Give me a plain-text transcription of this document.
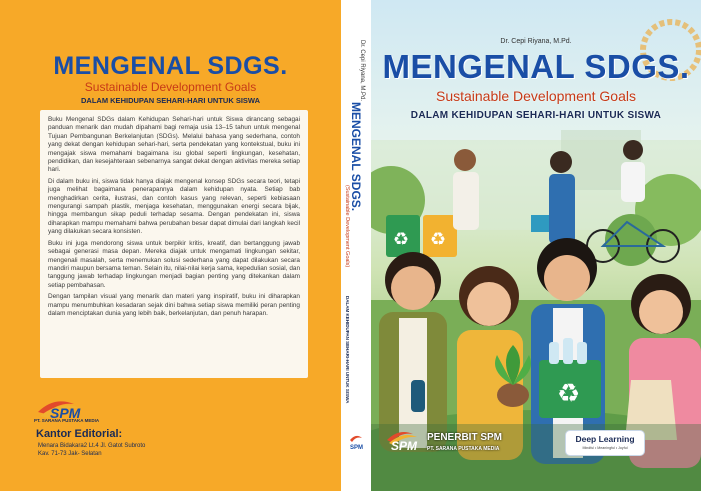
MENGENAL SDGS.
Sustainable Development Goals
DALAM KEHIDUPAN SEHARI-HARI UNTUK SISWA

Buku Mengenal SDGs dalam Kehidupan Sehari-hari untuk Siswa dirancang sebagai panduan menarik dan mudah dipahami bagi remaja usia 13–15 tahun untuk mengenal Tujuan Pembangunan Berkelanjutan (SDGs). Melalui bahasa yang sederhana, contoh yang dekat dengan kehidupan sehari-hari, serta pendekatan yang kontekstual, buku ini mengajak siswa memahami bagaimana isu global seperti lingkungan, kesehatan, pendidikan, dan kesejahteraan sebenarnya sangat dekat dengan aktivitas mereka setiap hari.

Di dalam buku ini, siswa tidak hanya diajak mengenal konsep SDGs secara teori, tetapi juga melihat bagaimana penerapannya dalam kehidupan nyata. Setiap bab menghadirkan cerita, ilustrasi, dan contoh kasus yang relevan, seperti kebiasaan mengurangi sampah plastik, menjaga kesehatan, menggunakan energi secara bijak, hingga membangun sikap peduli terhadap sesama. Dengan pendekatan ini, siswa diharapkan mampu memahami bahwa perubahan besar dapat dimulai dari langkah kecil yang dilakukan secara konsisten.

Buku ini juga mendorong siswa untuk berpikir kritis, kreatif, dan bertanggung jawab sebagai generasi masa depan. Mereka diajak untuk mengamati lingkungan sekitar, mengenali masalah, serta menemukan solusi sederhana yang dapat dilakukan secara mandiri maupun bersama teman. Selain itu, nilai-nilai kerja sama, kepedulian sosial, dan tanggung jawab terhadap lingkungan menjadi bagian penting yang ditekankan dalam setiap pembahasan.

Dengan tampilan visual yang menarik dan materi yang inspiratif, buku ini diharapkan mampu menumbuhkan kesadaran sejak dini bahwa setiap siswa memiliki peran penting dalam menciptakan dunia yang lebih baik, berkelanjutan, dan penuh harapan.

SPM
PT. SARANA PUSTAKA MEDIA
Kantor Editorial:
Menara Bidakara2 Lt.4 Jl. Gatot Subroto
Kav. 71-73 Jak- Selatan
Dr. Cepi Riyana, M.Pd.
MENGENAL SDGS.
(Sustainable Development Goals)
DALAM KEHIDUPAN SEHARI-HARI UNTUK SISWA
SPM
♻ ♻
♻
Dr. Cepi Riyana, M.Pd.
MENGENAL SDGS.
Sustainable Development Goals
DALAM KEHIDUPAN SEHARI-HARI UNTUK SISWA
SPM
PENERBIT SPM
PT. SARANA PUSTAKA MEDIA
Deep Learning
Mindful • Meaningful • Joyful
